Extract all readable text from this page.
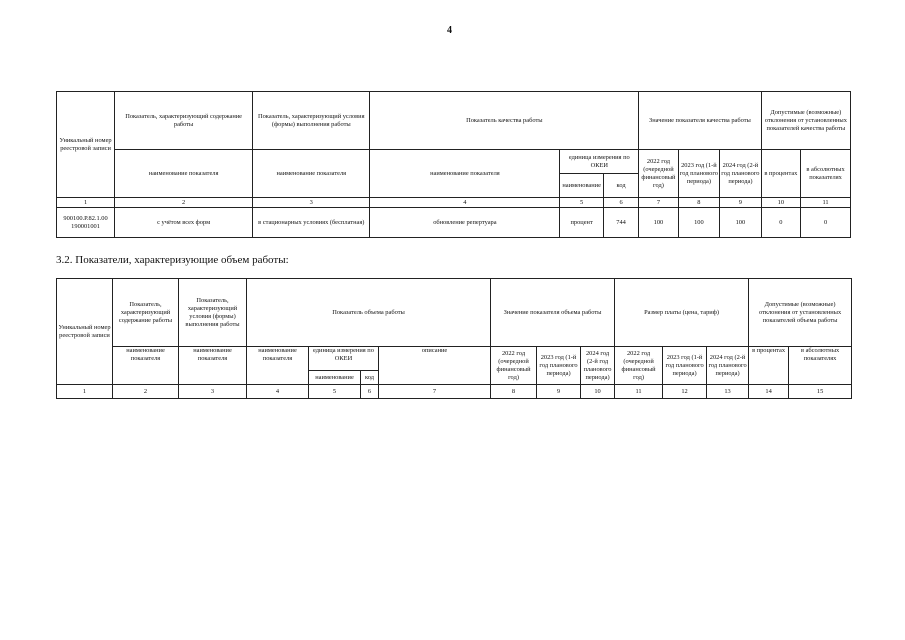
4
Уникальный номер реестровой записи	Показатель, характеризующий содержание работы	Показатель, характеризующий условия (формы) выполнения работы	Показатель качества работы			Значение показателя качества работы			Допустимые (возможные) отклонения от установленных показателей качества работы	
	наименование показателя	наименование показателя	наименование показателя	единица измерения по ОКЕИ		2022 год (очередной финансовый год)	2023 год (1-й год планового периода)	2024 год (2-й год планового периода)	в процентах	в абсолютных показателях
				наименование	код					
1	2	3	4	5	6	7	8	9	10	11
900100.Р.82.1.00 190001001	с учётом всех форм	в стационарных условиях (бесплатная)	обновление репертуара	процент	744	100	100	100	0	0
3.2. Показатели, характеризующие объем работы:
Уникальный номер реестровой записи	Показатель, характеризующий содержание работы	Показатель, характеризующий условия (формы) выполнения работы	Показатель объема работы				Значение показателя объема работы			Размер платы (цена, тариф)			Допустимые (возможные) отклонения от установленных показателей объема работы	
	наименование показателя	наименование показателя	наименование показателя	единица измерения по ОКЕИ		описание	2022 год (очередной финансовый год)	2023 год (1-й год планового периода)	2024 год (2-й год планового периода)	2022 год (очередной финансовый год)	2023 год (1-й год планового периода)	2024 год (2-й год планового периода)	в процентах	в абсолютных показателях
				наименование	код									
1	2	3	4	5	6	7	8	9	10	11	12	13	14	15
